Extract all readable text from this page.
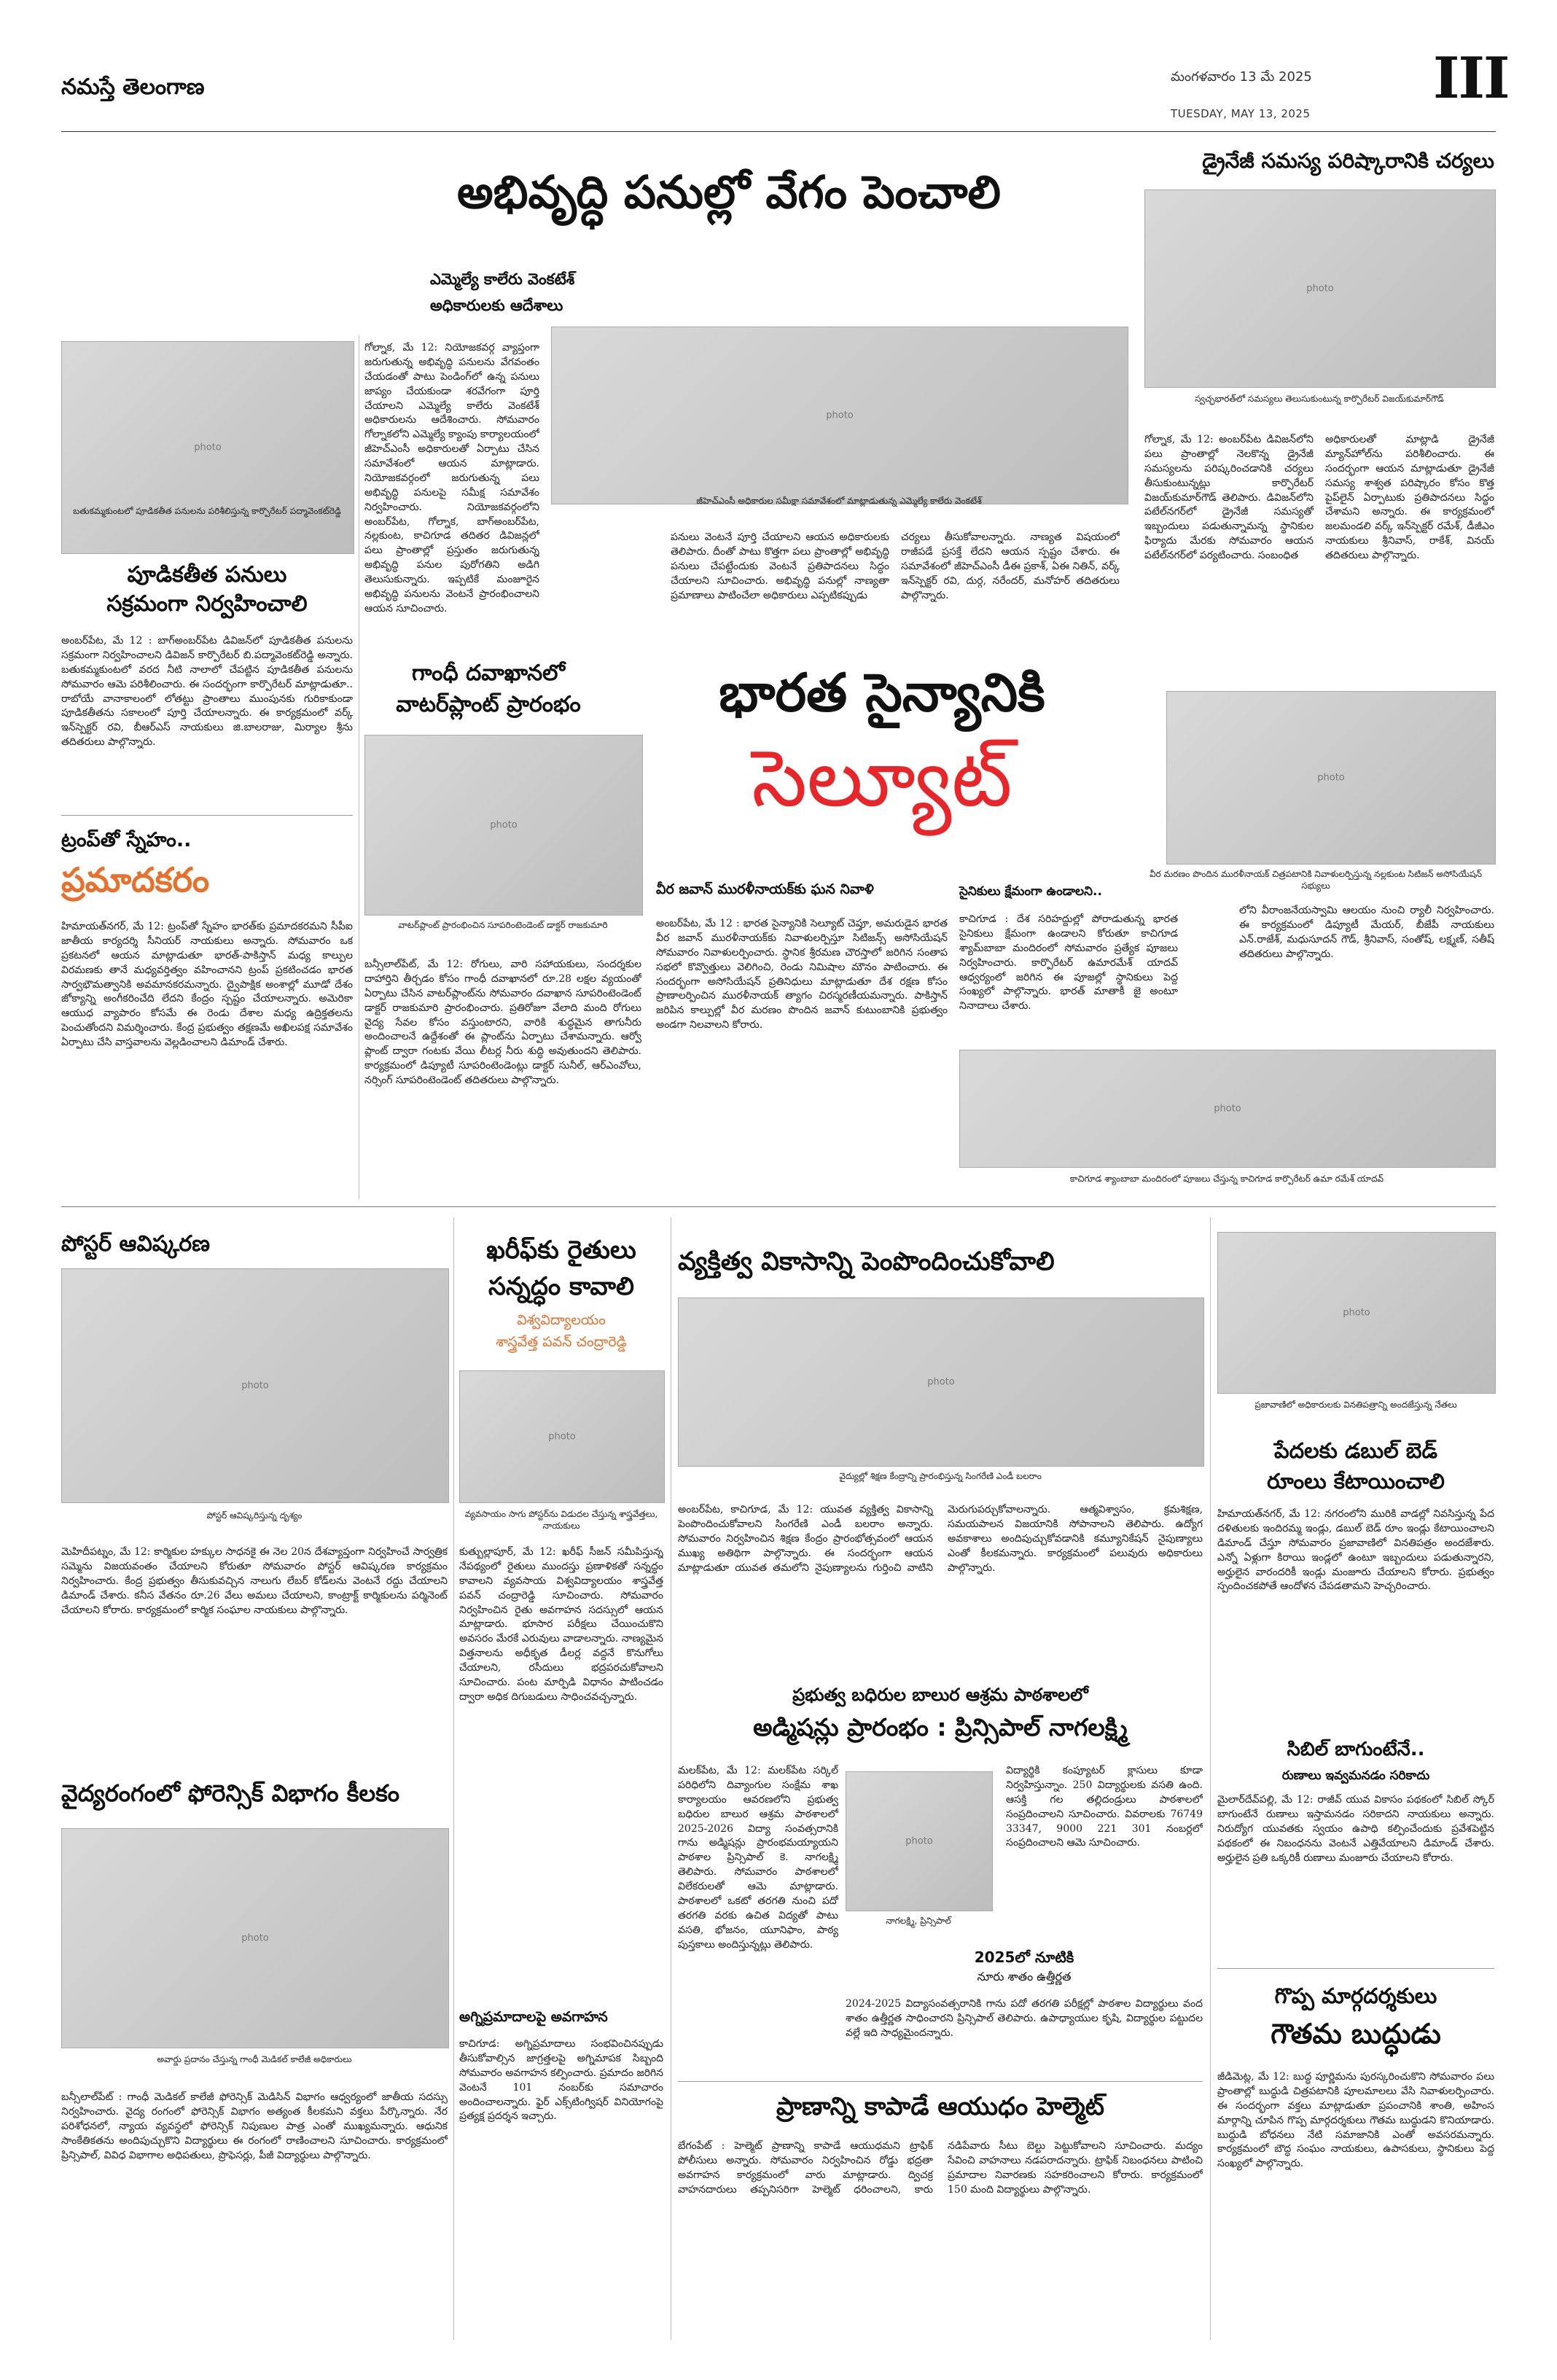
నమస్తే తెలంగాణ	మంగళవారం 13 మే 2025
TUESDAY, MAY 13, 2025
III
డ్రైనేజీ సమస్య పరిష్కారానికి చర్యలు
అభివృద్ధి పనుల్లో వేగం పెంచాలి
ఎమ్మెల్యే కాలేరు వెంకటేశ్
అధికారులకు ఆదేశాలు
photo
గోల్నాక, మే 12: నియోజకవర్గ వ్యాప్తంగా జరుగుతున్న అభివృద్ధి పనులను వేగవంతం చేయడంతో పాటు పెండింగ్‌లో ఉన్న పనులు జాప్యం చేయకుండా శరవేగంగా పూర్తి చేయాలని ఎమ్మెల్యే కాలేరు వెంకటేశ్ అధికారులను ఆదేశించారు. సోమవారం గోల్నాకలోని ఎమ్మెల్యే క్యాంపు కార్యాలయంలో జీహెచ్ఎంసీ అధికారులతో ఏర్పాటు చేసిన సమావేశంలో ఆయన మాట్లాడారు. నియోజకవర్గంలో జరుగుతున్న పలు అభివృద్ధి పనులపై సమీక్ష సమావేశం నిర్వహించారు. నియోజకవర్గంలోని అంబర్‌పేట, గోల్నాక, బాగ్‌అంబర్‌పేట, నల్లకుంట, కాచిగూడ తదితర డివిజన్లలో పలు ప్రాంతాల్లో ప్రస్తుతం జరుగుతున్న అభివృద్ధి పనుల పురోగతిని అడిగి తెలుసుకున్నారు. ఇప్పటికే మంజూరైన అభివృద్ధి పనులను వెంటనే ప్రారంభించాలని ఆయన సూచించారు.
photo
జీహెచ్ఎంసీ అధికారుల సమీక్షా సమావేశంలో మాట్లాడుతున్న ఎమ్మెల్యే కాలేరు వెంకటేశ్
పనులు వెంటనే పూర్తి చేయాలని ఆయన అధికారులకు తెలిపారు. దీంతో పాటు కొత్తగా పలు ప్రాంతాల్లో అభివృద్ధి పనులు చేపట్టేందుకు వెంటనే ప్రతిపాదనలు సిద్ధం చేయాలని సూచించారు. అభివృద్ధి పనుల్లో నాణ్యతా ప్రమాణాలు పాటించేలా అధికారులు ఎప్పటికప్పుడు
చర్యలు తీసుకోవాలన్నారు. నాణ్యత విషయంలో రాజీపడే ప్రసక్తే లేదని ఆయన స్పష్టం చేశారు. ఈ సమావేశంలో జీహెచ్ఎంసీ డీఈ ప్రకాశ్, ఏఈ నితిన్, వర్క్ ఇన్‌స్పెక్టర్ రవి, దుర్గ, నరేందర్, మనోహర్ తదితరులు పాల్గొన్నారు.
photo
స్వచ్ఛభారత్‌లో సమస్యలు తెలుసుకుంటున్న కార్పొరేటర్ విజయ్‌కుమార్‌గౌడ్
గోల్నాక, మే 12: అంబర్‌పేట డివిజన్‌లోని పలు ప్రాంతాల్లో నెలకొన్న డ్రైనేజీ సమస్యలను పరిష్కరించడానికి చర్యలు తీసుకుంటున్నట్లు కార్పొరేటర్ విజయ్‌కుమార్‌గౌడ్ తెలిపారు. డివిజన్‌లోని పటేల్‌నగర్‌లో డ్రైనేజీ సమస్యతో ఇబ్బందులు పడుతున్నామన్న స్థానికుల ఫిర్యాదు మేరకు సోమవారం ఆయన పటేల్‌నగర్‌లో పర్యటించారు. సంబంధిత
అధికారులతో మాట్లాడి డ్రైనేజీ మ్యాన్‌హోల్‌ను పరిశీలించారు. ఈ సందర్భంగా ఆయన మాట్లాడుతూ డ్రైనేజీ సమస్య శాశ్వత పరిష్కారం కోసం కొత్త పైప్‌లైన్ ఏర్పాటుకు ప్రతిపాదనలు సిద్ధం చేశామని అన్నారు. ఈ కార్యక్రమంలో జలమండలి వర్క్ ఇన్‌స్పెక్టర్ రమేశ్, డీజీఎం నాయకులు శ్రీనివాస్, రాకేశ్, వినయ్ తదితరులు పాల్గొన్నారు.
బతుకమ్మకుంటలో పూడికతీత పనులను పరిశీలిస్తున్న కార్పొరేటర్ పద్మావెంకట్‌రెడ్డి
పూడికతీత పనులు
సక్రమంగా నిర్వహించాలి
అంబర్‌పేట, మే 12 : బాగ్‌అంబర్‌పేట డివిజన్‌లో పూడికతీత పనులను సక్రమంగా నిర్వహించాలని డివిజన్ కార్పొరేటర్ బి.పద్మావెంకట్‌రెడ్డి అన్నారు. బతుకమ్మకుంటలో వరద నీటి నాలాలో చేపట్టిన పూడికతీత పనులను సోమవారం ఆమె పరిశీలించారు. ఈ సందర్భంగా కార్పొరేటర్ మాట్లాడుతూ.. రాబోయే వానాకాలంలో లోతట్టు ప్రాంతాలు ముంపునకు గురికాకుండా పూడికతీతను సకాలంలో పూర్తి చేయాలన్నారు. ఈ కార్యక్రమంలో వర్క్ ఇన్‌స్పెక్టర్ రవి, బీఆర్ఎస్ నాయకులు జి.బాలరాజు, మిర్యాల శ్రీను తదితరులు పాల్గొన్నారు.
గాంధీ దవాఖానలో
వాటర్‌ప్లాంట్ ప్రారంభం
photo
వాటర్‌ప్లాంట్ ప్రారంభించిన సూపరింటెండెంట్ డాక్టర్ రాజకుమారి
బన్సీలాల్‌పేట్, మే 12: రోగులు, వారి సహాయకులు, సందర్శకుల దాహార్తిని తీర్చడం కోసం గాంధీ దవాఖానలో రూ.28 లక్షల వ్యయంతో ఏర్పాటు చేసిన వాటర్‌ప్లాంట్‌ను సోమవారం దవాఖాన సూపరింటెండెంట్ డాక్టర్ రాజకుమారి ప్రారంభించారు. ప్రతిరోజూ వేలాది మంది రోగులు వైద్య సేవల కోసం వస్తుంటారని, వారికి శుద్ధమైన తాగునీరు అందించాలనే ఉద్దేశంతో ఈ ప్లాంట్‌ను ఏర్పాటు చేశామన్నారు. ఆర్వో ప్లాంట్ ద్వారా గంటకు వేయి లీటర్ల నీరు శుద్ధి అవుతుందని తెలిపారు. కార్యక్రమంలో డిప్యూటీ సూపరింటెండెంట్లు డాక్టర్ సునీల్, ఆర్ఎంవోలు, నర్సింగ్ సూపరింటెండెంట్ తదితరులు పాల్గొన్నారు.
భారత సైన్యానికి
సెల్యూట్
వీర జవాన్ మురళీనాయక్‌కు ఘన నివాళి
అంబర్‌పేట, మే 12 : భారత సైన్యానికి సెల్యూట్ చెప్తూ, అమరుడైన భారత వీర జవాన్ మురళీనాయక్‌కు నివాళులర్పిస్తూ సిటిజన్స్ అసోసియేషన్ సోమవారం నివాళులర్పించారు. స్థానిక శ్రీరమణ చౌరస్తాలో జరిగిన సంతాప సభలో కొవ్వొత్తులు వెలిగించి, రెండు నిమిషాల మౌనం పాటించారు. ఈ సందర్భంగా అసోసియేషన్ ప్రతినిధులు మాట్లాడుతూ దేశ రక్షణ కోసం ప్రాణాలర్పించిన మురళీనాయక్ త్యాగం చిరస్మరణీయమన్నారు. పాకిస్తాన్ జరిపిన కాల్పుల్లో వీర మరణం పొందిన జవాన్ కుటుంబానికి ప్రభుత్వం అండగా నిలవాలని కోరారు.
సైనికులు క్షేమంగా ఉండాలని..
కాచిగూడ : దేశ సరిహద్దుల్లో పోరాడుతున్న భారత సైనికులు క్షేమంగా ఉండాలని కోరుతూ కాచిగూడ శ్యామ్‌బాబా మందిరంలో సోమవారం ప్రత్యేక పూజలు నిర్వహించారు. కార్పొరేటర్ ఉమారమేశ్ యాదవ్ ఆధ్వర్యంలో జరిగిన ఈ పూజల్లో స్థానికులు పెద్ద సంఖ్యలో పాల్గొన్నారు. భారత్ మాతాకీ జై అంటూ నినాదాలు చేశారు.
photo
వీర మరణం పొందిన మురళీనాయక్ చిత్రపటానికి నివాళులర్పిస్తున్న నల్లకుంట సిటిజన్ అసోసియేషన్ సభ్యులు
లోని వీరాంజనేయస్వామి ఆలయం నుంచి ర్యాలీ నిర్వహించారు. ఈ కార్యక్రమంలో డిప్యూటీ మేయర్, బీజేపీ నాయకులు ఎన్.రాజేశ్, మధుసూదన్ గౌడ్, శ్రీనివాస్, సంతోష్, లక్ష్మణ్, సతీష్ తదితరులు పాల్గొన్నారు.
photo
కాచిగూడ శ్యాంబాబా మందిరంలో పూజలు చేస్తున్న కాచిగూడ కార్పొరేటర్ ఉమా రమేశ్ యాదవ్
ట్రంప్‌తో స్నేహం..
ప్రమాదకరం
హిమాయత్‌నగర్, మే 12: ట్రంప్‌తో స్నేహం భారత్‌కు ప్రమాదకరమని సీపీఐ జాతీయ కార్యదర్శి సీనియర్ నాయకులు అన్నారు. సోమవారం ఒక ప్రకటనలో ఆయన మాట్లాడుతూ భారత్-పాకిస్తాన్ మధ్య కాల్పుల విరమణకు తానే మధ్యవర్తిత్వం వహించానని ట్రంప్ ప్రకటించడం భారత సార్వభౌమత్వానికి అవమానకరమన్నారు. ద్వైపాక్షిక అంశాల్లో మూడో దేశం జోక్యాన్ని అంగీకరించేది లేదని కేంద్రం స్పష్టం చేయాలన్నారు. అమెరికా ఆయుధ వ్యాపారం కోసమే ఈ రెండు దేశాల మధ్య ఉద్రిక్తతలను పెంచుతోందని విమర్శించారు. కేంద్ర ప్రభుత్వం తక్షణమే అఖిలపక్ష సమావేశం ఏర్పాటు చేసి వాస్తవాలను వెల్లడించాలని డిమాండ్ చేశారు.
పోస్టర్ ఆవిష్కరణ
photo
పోస్టర్ ఆవిష్కరిస్తున్న దృశ్యం
మెహిదీపట్నం, మే 12: కార్మికుల హక్కుల సాధనకై ఈ నెల 20న దేశవ్యాప్తంగా నిర్వహించే సార్వత్రిక సమ్మెను విజయవంతం చేయాలని కోరుతూ సోమవారం పోస్టర్ ఆవిష్కరణ కార్యక్రమం నిర్వహించారు. కేంద్ర ప్రభుత్వం తీసుకువచ్చిన నాలుగు లేబర్ కోడ్‌లను వెంటనే రద్దు చేయాలని డిమాండ్ చేశారు. కనీస వేతనం రూ.26 వేలు అమలు చేయాలని, కాంట్రాక్ట్ కార్మికులను పర్మినెంట్ చేయాలని కోరారు. కార్యక్రమంలో కార్మిక సంఘాల నాయకులు పాల్గొన్నారు.
వైద్యరంగంలో ఫోరెన్సిక్ విభాగం కీలకం
photo
అవార్డు ప్రదానం చేస్తున్న గాంధీ మెడికల్ కాలేజీ అధికారులు
బన్సీలాల్‌పేట్ : గాంధీ మెడికల్ కాలేజీ ఫోరెన్సిక్ మెడిసిన్ విభాగం ఆధ్వర్యంలో జాతీయ సదస్సు నిర్వహించారు. వైద్య రంగంలో ఫోరెన్సిక్ విభాగం అత్యంత కీలకమని వక్తలు పేర్కొన్నారు. నేర పరిశోధనలో, న్యాయ వ్యవస్థలో ఫోరెన్సిక్ నిపుణుల పాత్ర ఎంతో ముఖ్యమన్నారు. ఆధునిక సాంకేతికతను అందిపుచ్చుకొని విద్యార్థులు ఈ రంగంలో రాణించాలని సూచించారు. కార్యక్రమంలో ప్రిన్సిపాల్, వివిధ విభాగాల అధిపతులు, ప్రొఫెసర్లు, పీజీ విద్యార్థులు పాల్గొన్నారు.
ఖరీఫ్‌కు రైతులు
సన్నద్ధం కావాలి
విశ్వవిద్యాలయం
శాస్త్రవేత్త పవన్ చంద్రారెడ్డి
photo
వ్యవసాయం సాగు పోస్టర్‌ను విడుదల చేస్తున్న శాస్త్రవేత్తలు, నాయకులు
కుత్బుల్లాపూర్, మే 12: ఖరీఫ్ సీజన్ సమీపిస్తున్న నేపథ్యంలో రైతులు ముందస్తు ప్రణాళికతో సన్నద్ధం కావాలని వ్యవసాయ విశ్వవిద్యాలయం శాస్త్రవేత్త పవన్ చంద్రారెడ్డి సూచించారు. సోమవారం నిర్వహించిన రైతు అవగాహన సదస్సులో ఆయన మాట్లాడారు. భూసార పరీక్షలు చేయించుకొని అవసరం మేరకే ఎరువులు వాడాలన్నారు. నాణ్యమైన విత్తనాలను అధీకృత డీలర్ల వద్దనే కొనుగోలు చేయాలని, రసీదులు భద్రపరచుకోవాలని సూచించారు. పంట మార్పిడి విధానం పాటించడం ద్వారా అధిక దిగుబడులు సాధించవచ్చన్నారు.
అగ్నిప్రమాదాలపై అవగాహన
కాచిగూడ: అగ్నిప్రమాదాలు సంభవించినప్పుడు తీసుకోవాల్సిన జాగ్రత్తలపై అగ్నిమాపక సిబ్బంది సోమవారం అవగాహన కల్పించారు. ప్రమాదం జరిగిన వెంటనే 101 నంబర్‌కు సమాచారం అందించాలన్నారు. ఫైర్ ఎక్స్‌టింగ్విషర్ వినియోగంపై ప్రత్యక్ష ప్రదర్శన ఇచ్చారు.
వ్యక్తిత్వ వికాసాన్ని పెంపొందించుకోవాలి
photo
వైద్యుల్లో శిక్షణ కేంద్రాన్ని ప్రారంభిస్తున్న సింగరేణి ఎండీ బలరాం
అంబర్‌పేట, కాచిగూడ, మే 12: యువత వ్యక్తిత్వ వికాసాన్ని పెంపొందించుకోవాలని సింగరేణి ఎండీ బలరాం అన్నారు. సోమవారం నిర్వహించిన శిక్షణ కేంద్రం ప్రారంభోత్సవంలో ఆయన ముఖ్య అతిథిగా పాల్గొన్నారు. ఈ సందర్భంగా ఆయన మాట్లాడుతూ యువత తమలోని నైపుణ్యాలను గుర్తించి వాటిని మెరుగుపర్చుకోవాలన్నారు. ఆత్మవిశ్వాసం, క్రమశిక్షణ, సమయపాలన విజయానికి సోపానాలని తెలిపారు. ఉద్యోగ అవకాశాలు అందిపుచ్చుకోవడానికి కమ్యూనికేషన్ నైపుణ్యాలు ఎంతో కీలకమన్నారు. కార్యక్రమంలో పలువురు అధికారులు పాల్గొన్నారు.
ప్రభుత్వ బధిరుల బాలుర ఆశ్రమ పాఠశాలలో
అడ్మిషన్లు ప్రారంభం : ప్రిన్సిపాల్ నాగలక్ష్మి
మలక్‌పేట, మే 12: మలక్‌పేట సర్కిల్ పరిధిలోని దివ్యాంగుల సంక్షేమ శాఖ కార్యాలయం ఆవరణలోని ప్రభుత్వ బధిరుల బాలుర ఆశ్రమ పాఠశాలలో 2025-2026 విద్యా సంవత్సరానికి గాను అడ్మిషన్లు ప్రారంభమయ్యాయని పాఠశాల ప్రిన్సిపాల్ కె. నాగలక్ష్మి తెలిపారు. సోమవారం పాఠశాలలో విలేకరులతో ఆమె మాట్లాడారు. పాఠశాలలో ఒకటో తరగతి నుంచి పదో తరగతి వరకు ఉచిత విద్యతో పాటు వసతి, భోజనం, యూనిఫాం, పాఠ్య పుస్తకాలు అందిస్తున్నట్లు తెలిపారు.
photo
నాగలక్ష్మి, ప్రిన్సిపాల్
విద్యార్థికి కంప్యూటర్ క్లాసులు కూడా నిర్వహిస్తున్నాం. 250 విద్యార్థులకు వసతి ఉంది. ఆసక్తి గల తల్లిదండ్రులు పాఠశాలలో సంప్రదించాలని సూచించారు. వివరాలకు 76749 33347, 9000 221 301 నంబర్లలో సంప్రదించాలని ఆమె సూచించారు.
2025లో నూటికి
నూరు శాతం ఉత్తీర్ణత
2024-2025 విద్యాసంవత్సరానికి గాను పదో తరగతి పరీక్షల్లో పాఠశాల విద్యార్థులు వంద శాతం ఉత్తీర్ణత సాధించారని ప్రిన్సిపాల్ తెలిపారు. ఉపాధ్యాయుల కృషి, విద్యార్థుల పట్టుదల వల్లే ఇది సాధ్యమైందన్నారు.
ప్రాణాన్ని కాపాడే ఆయుధం హెల్మెట్
బేగంపేట్ : హెల్మెట్ ప్రాణాన్ని కాపాడే ఆయుధమని ట్రాఫిక్ పోలీసులు అన్నారు. సోమవారం నిర్వహించిన రోడ్డు భద్రతా అవగాహన కార్యక్రమంలో వారు మాట్లాడారు. ద్విచక్ర వాహనదారులు తప్పనిసరిగా హెల్మెట్ ధరించాలని, కారు నడిపేవారు సీటు బెల్టు పెట్టుకోవాలని సూచించారు. మద్యం సేవించి వాహనాలు నడపరాదన్నారు. ట్రాఫిక్ నిబంధనలు పాటించి ప్రమాదాల నివారణకు సహకరించాలని కోరారు. కార్యక్రమంలో 150 మంది విద్యార్థులు పాల్గొన్నారు.
photo
ప్రజావాణిలో అధికారులకు వినతిపత్రాన్ని అందజేస్తున్న నేతలు
పేదలకు డబుల్ బెడ్
రూంలు కేటాయించాలి
హిమాయత్‌నగర్, మే 12: నగరంలోని మురికి వాడల్లో నివసిస్తున్న పేద దళితులకు ఇందిరమ్మ ఇండ్లు, డబుల్ బెడ్ రూం ఇండ్లు కేటాయించాలని డిమాండ్ చేస్తూ సోమవారం ప్రజావాణిలో వినతిపత్రం అందజేశారు. ఎన్నో ఏళ్లుగా కిరాయి ఇండ్లలో ఉంటూ ఇబ్బందులు పడుతున్నారని, అర్హులైన వారందరికీ ఇండ్లు మంజూరు చేయాలని కోరారు. ప్రభుత్వం స్పందించకపోతే ఆందోళన చేపడతామని హెచ్చరించారు.
సిబిల్ బాగుంటేనే..
రుణాలు ఇవ్వమనడం సరికాదు
మైలార్‌దేవ్‌పల్లి, మే 12: రాజీవ్ యువ వికాసం పథకంలో సిబిల్ స్కోర్ బాగుంటేనే రుణాలు ఇస్తామనడం సరికాదని నాయకులు అన్నారు. నిరుద్యోగ యువతకు స్వయం ఉపాధి కల్పించేందుకు ప్రవేశపెట్టిన పథకంలో ఈ నిబంధనను వెంటనే ఎత్తివేయాలని డిమాండ్ చేశారు. అర్హులైన ప్రతి ఒక్కరికీ రుణాలు మంజూరు చేయాలని కోరారు.
గొప్ప మార్గదర్శకులు
గౌతమ బుద్ధుడు
జీడిమెట్ల, మే 12: బుద్ధ పూర్ణిమను పురస్కరించుకొని సోమవారం పలు ప్రాంతాల్లో బుద్ధుడి చిత్రపటానికి పూలమాలలు వేసి నివాళులర్పించారు. ఈ సందర్భంగా వక్తలు మాట్లాడుతూ ప్రపంచానికి శాంతి, అహింస మార్గాన్ని చూపిన గొప్ప మార్గదర్శకులు గౌతమ బుద్ధుడని కొనియాడారు. బుద్ధుడి బోధనలు నేటి సమాజానికి ఎంతో అవసరమన్నారు. కార్యక్రమంలో బౌద్ధ సంఘం నాయకులు, ఉపాసకులు, స్థానికులు పెద్ద సంఖ్యలో పాల్గొన్నారు.
